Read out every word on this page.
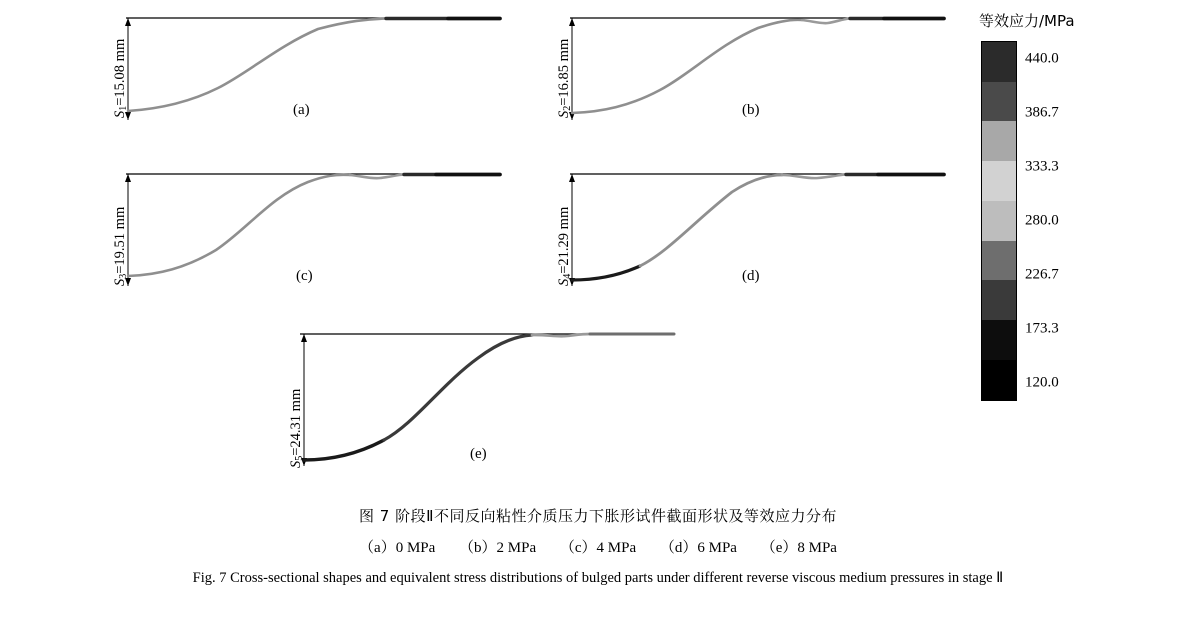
(a)
$S_1=15.08$ mm
(b)
$S_2=16.85$ mm
(c)
$S_3=19.51$ mm
(d)
$S_4=21.29$ mm
(e)
$S_5=24.31$ mm
等效应力/MPa
440.0
386.7
333.3
280.0
226.7
173.3
120.0
图 7 阶段Ⅱ不同反向粘性介质压力下胀形试件截面形状及等效应力分布
（a）0 MPa （b）2 MPa （c）4 MPa （d）6 MPa （e）8 MPa
Fig. 7 Cross-sectional shapes and equivalent stress distributions of bulged parts under different reverse viscous medium pressures in stage Ⅱ
